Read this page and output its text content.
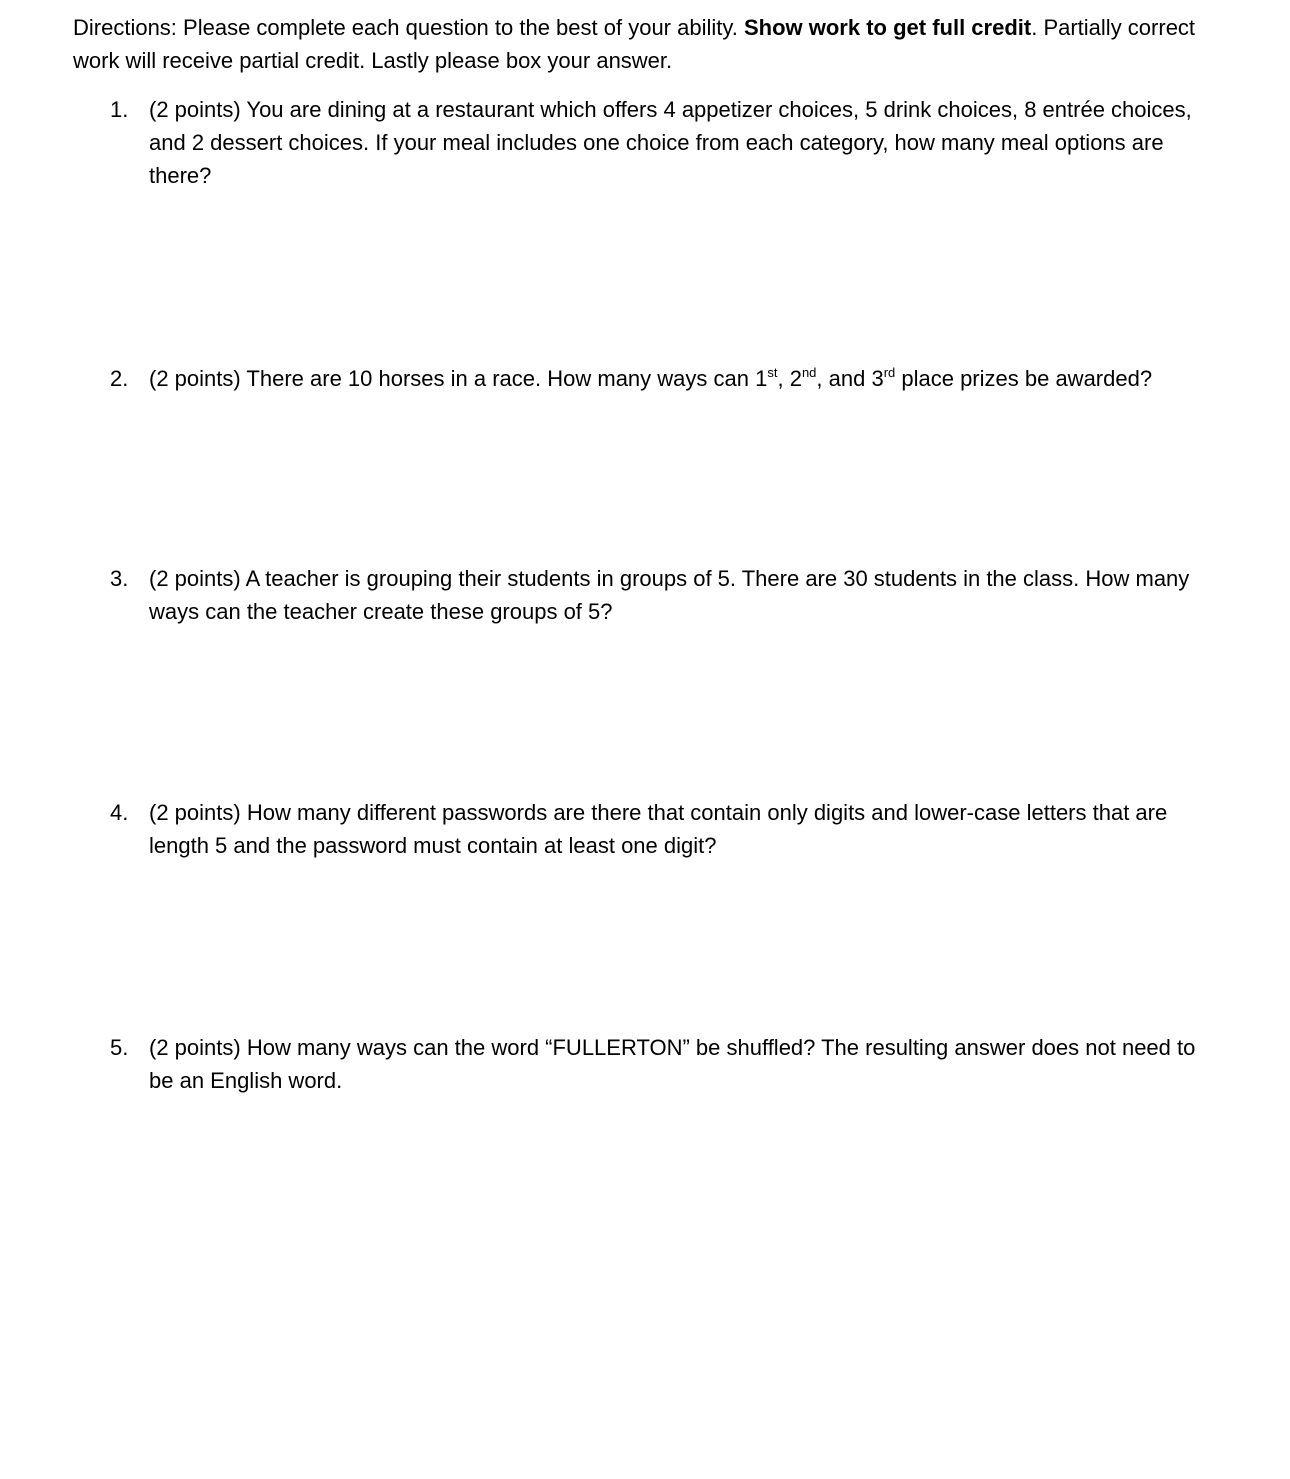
Directions: Please complete each question to the best of your ability. Show work to get full credit. Partially correct work will receive partial credit. Lastly please box your answer.

1. (2 points) You are dining at a restaurant which offers 4 appetizer choices, 5 drink choices, 8 entrée choices, and 2 dessert choices. If your meal includes one choice from each category, how many meal options are there?

2. (2 points) There are 10 horses in a race. How many ways can 1st, 2nd, and 3rd place prizes be awarded?

3. (2 points) A teacher is grouping their students in groups of 5. There are 30 students in the class. How many ways can the teacher create these groups of 5?

4. (2 points) How many different passwords are there that contain only digits and lower-case letters that are length 5 and the password must contain at least one digit?

5. (2 points) How many ways can the word “FULLERTON” be shuffled? The resulting answer does not need to be an English word.
